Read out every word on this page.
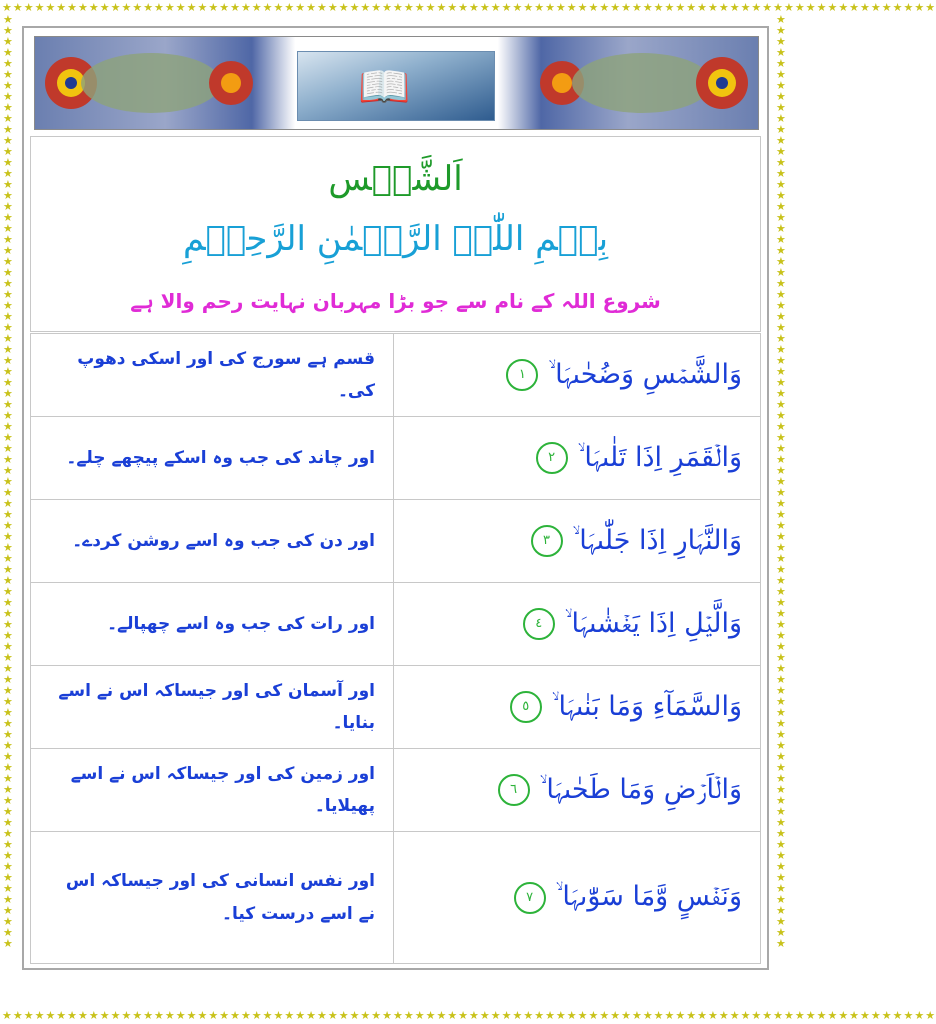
★★★★★★★★★★★★★★★★★★★★★★★★★★★★★★★★★★★★★★★★★★★★★★★★★★★★★★★★★★★★★★★★★★★★★★★★★★★★★★★★★★★★★★
★★★★★★★★★★★★★★★★★★★★★★★★★★★★★★★★★★★★★★★★★★★★★★★★★★★★★★★★★★★★★★★★★★★★★★★★★★★★★★★★★★★★★★
★★★★★★★★★★★★★★★★★★★★★★★★★★★★★★★★★★★★★★★★★★★★★★★★★★★★★★★★★★★★★★★★★★★★★★★★★★★★★★★★★★★★★
★★★★★★★★★★★★★★★★★★★★★★★★★★★★★★★★★★★★★★★★★★★★★★★★★★★★★★★★★★★★★★★★★★★★★★★★★★★★★★★★★★★★★
📖
اَلشَّمۡس
بِسۡمِ اللّٰہِ الرَّحۡمٰنِ الرَّحِیۡمِ
شروع اللہ کے نام سے جو بڑا مہربان نہایت رحم والا ہے
قسم ہے سورج کی اور اسکی دھوپ کی۔	وَالشَّمۡسِ وَضُحٰىہَا ۙ١
اور چاند کی جب وہ اسکے پیچھے چلے۔	وَالۡقَمَرِ اِذَا تَلٰىہَا ۙ٢
اور دن کی جب وہ اسے روشن کردے۔	وَالنَّہَارِ اِذَا جَلّٰىہَا ۙ٣
اور رات کی جب وہ اسے چھپالے۔	وَالَّیۡلِ اِذَا یَغۡشٰىہَا ۙ٤
اور آسمان کی اور جیساکہ اس نے اسے بنایا۔	وَالسَّمَآءِ وَمَا بَنٰىہَا ۙ٥
اور زمین کی اور جیساکہ اس نے اسے پھیلایا۔	وَالۡاَرۡضِ وَمَا طَحٰىہَا ۙ٦
اور نفس انسانی کی اور جیساکہ اس نے اسے درست کیا۔	وَنَفۡسٍ وَّمَا سَوّٰىہَا ۙ٧
